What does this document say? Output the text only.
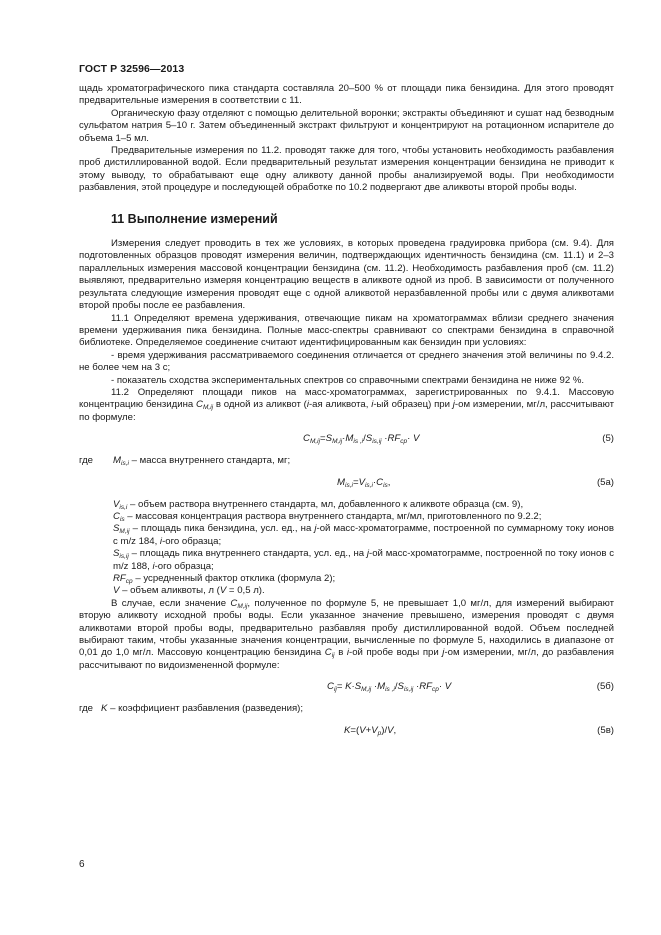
ГОСТ Р 32596—2013

щадь хроматографического пика стандарта составляла 20–500 % от площади пика бензидина. Для этого проводят предварительные измерения в соответствии с 11.

Органическую фазу отделяют с помощью делительной воронки; экстракты объединяют и сушат над безводным сульфатом натрия 5–10 г. Затем объединенный экстракт фильтруют и концентрируют на ротационном испарителе до объема 1–5 мл.

Предварительные измерения по 11.2. проводят также для того, чтобы установить необходимость разбавления проб дистиллированной водой. Если предварительный результат измерения концентрации бензидина не приводит к этому выводу, то обрабатывают еще одну аликвоту данной пробы анализируемой воды. При необходимости разбавления, этой процедуре и последующей обработке по 10.2 подвергают две аликвоты второй пробы воды.

11 Выполнение измерений

Измерения следует проводить в тех же условиях, в которых проведена градуировка прибора (см. 9.4). Для подготовленных образцов проводят измерения величин, подтверждающих идентичность бензидина (см. 11.1) и 2–3 параллельных измерения массовой концентрации бензидина (см. 11.2). Необходимость разбавления проб (см. 11.2) выявляют, предварительно измеряя концентрацию веществ в аликвоте одной из проб. В зависимости от полученного результата следующие измерения проводят еще с одной аликвотой неразбавленной пробы или с двумя аликвотами второй пробы после ее разбавления.

11.1 Определяют времена удерживания, отвечающие пикам на хроматограммах вблизи среднего значения времени удерживания пика бензидина. Полные масс-спектры сравнивают со спектрами бензидина в справочной библиотеке. Определяемое соединение считают идентифицированным как бензидин при условиях:

- время удерживания рассматриваемого соединения отличается от среднего значения этой величины по 9.4.2. не более чем на 3 с;

- показатель сходства экспериментальных спектров со справочными спектрами бензидина не ниже 92 %.

11.2 Определяют площади пиков на масс-хроматограммах, зарегистрированных по 9.4.1. Массовую концентрацию бензидина $C_{M,ij}$ в одной из аликвот (i-ая аликвота, i-ый образец) при j-ом измерении, мг/л, рассчитывают по формуле:

$C_{M,ij}=S_{M,ij}\cdot M_{is ,i}/S_{is,ij} \cdot RF_{cp}\cdot V$	(5)
где	$M_{is,i}$ – масса внутреннего стандарта, мг;
$M_{is,i}=V_{is,i}\cdot C_{is}$,	(5а)

$V_{is,i}$ – объем раствора внутреннего стандарта, мл, добавленного к аликвоте образца (см. 9),

$C_{is}$ – массовая концентрация раствора внутреннего стандарта, мг/мл, приготовленного по 9.2.2;

$S_{M,ij}$ – площадь пика бензидина, усл. ед., на j-ой масс-хроматограмме, построенной по суммарному току ионов с m/z 184, i-ого образца;

$S_{is,ij}$ – площадь пика внутреннего стандарта, усл. ед., на j-ой масс-хроматограмме, построенной по току ионов с m/z 188, i-ого образца;

$RF_{cp}$ – усредненный фактор отклика (формула 2);

V – объем аликвоты, л (V = 0,5 л).

В случае, если значение $C_{M,ij}$, полученное по формуле 5, не превышает 1,0 мг/л, для измерений выбирают вторую аликвоту исходной пробы воды. Если указанное значение превышено, измерения проводят с двумя аликвотами второй пробы воды, предварительно разбавляя пробу дистиллированной водой. Объем последней выбирают таким, чтобы указанные значения концентрации, вычисленные по формуле 5, находились в диапазоне от 0,01 до 1,0 мг/л. Массовую концентрацию бензидина $C_{ij}$ в i-ой пробе воды при j-ом измерении, мг/л, до разбавления рассчитывают по видоизмененной формуле:

$C_{ij}= K\cdot S_{M,ij} \cdot M_{is ,i}/S_{is,ij} \cdot RF_{cp}\cdot V$	(5б)
где K – коэффициент разбавления (разведения);
$K=(V+V_p)/V$,	(5в)
6
